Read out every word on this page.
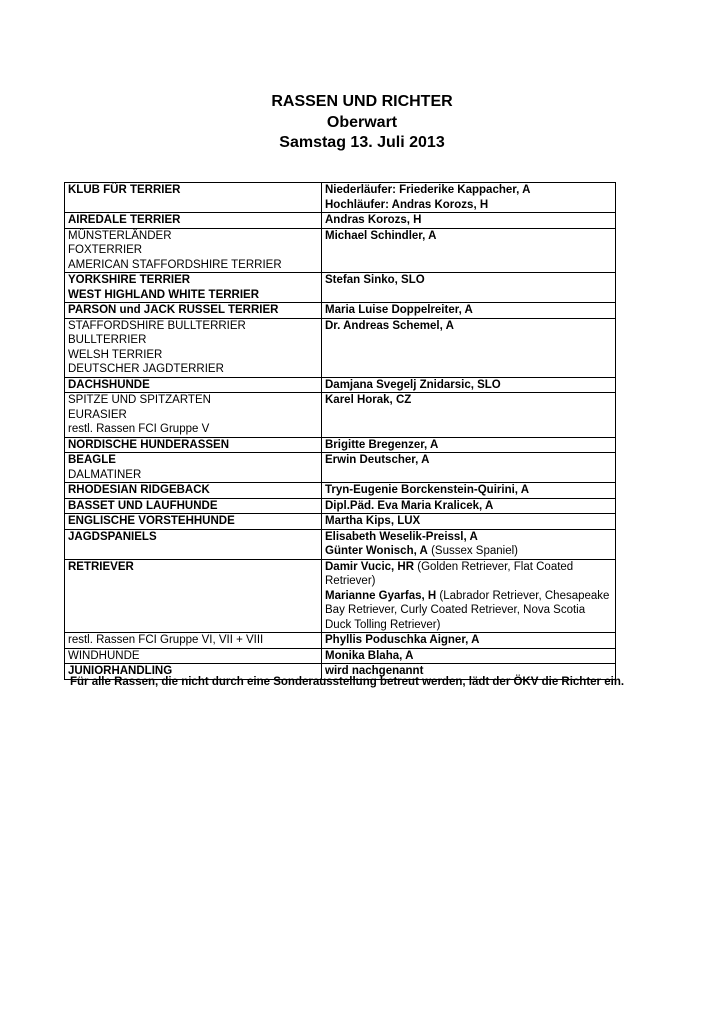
RASSEN UND RICHTER
Oberwart
Samstag 13. Juli 2013
KLUB FÜR TERRIER	Niederläufer: Friederike Kappacher, A
Hochläufer: Andras Korozs, H

AIREDALE TERRIER	Andras Korozs, H

MÜNSTERLÄNDER
FOXTERRIER
AMERICAN STAFFORDSHIRE TERRIER	Michael Schindler, A

YORKSHIRE TERRIER
WEST HIGHLAND WHITE TERRIER	Stefan Sinko, SLO

PARSON und JACK RUSSEL TERRIER	Maria Luise Doppelreiter, A

STAFFORDSHIRE BULLTERRIER
BULLTERRIER
WELSH TERRIER
DEUTSCHER JAGDTERRIER	Dr. Andreas Schemel, A

DACHSHUNDE	Damjana Svegelj Znidarsic, SLO

SPITZE UND SPITZARTEN
EURASIER
restl. Rassen FCI Gruppe V	Karel Horak, CZ

NORDISCHE HUNDERASSEN	Brigitte Bregenzer, A

BEAGLE
DALMATINER	Erwin Deutscher, A

RHODESIAN RIDGEBACK	Tryn-Eugenie Borckenstein-Quirini, A

BASSET UND LAUFHUNDE	Dipl.Päd. Eva Maria Kralicek, A

ENGLISCHE VORSTEHHUNDE	Martha Kips, LUX

JAGDSPANIELS	Elisabeth Weselik-Preissl, A
Günter Wonisch, A (Sussex Spaniel)

RETRIEVER	Damir Vucic, HR (Golden Retriever, Flat Coated Retriever)
Marianne Gyarfas, H (Labrador Retriever, Chesapeake Bay Retriever, Curly Coated Retriever, Nova Scotia Duck Tolling Retriever)

restl. Rassen FCI Gruppe VI, VII + VIII	Phyllis Poduschka Aigner, A

WINDHUNDE	Monika Blaha, A

JUNIORHANDLING	wird nachgenannt
Für alle Rassen, die nicht durch eine Sonderausstellung betreut werden, lädt der ÖKV die Richter ein.
